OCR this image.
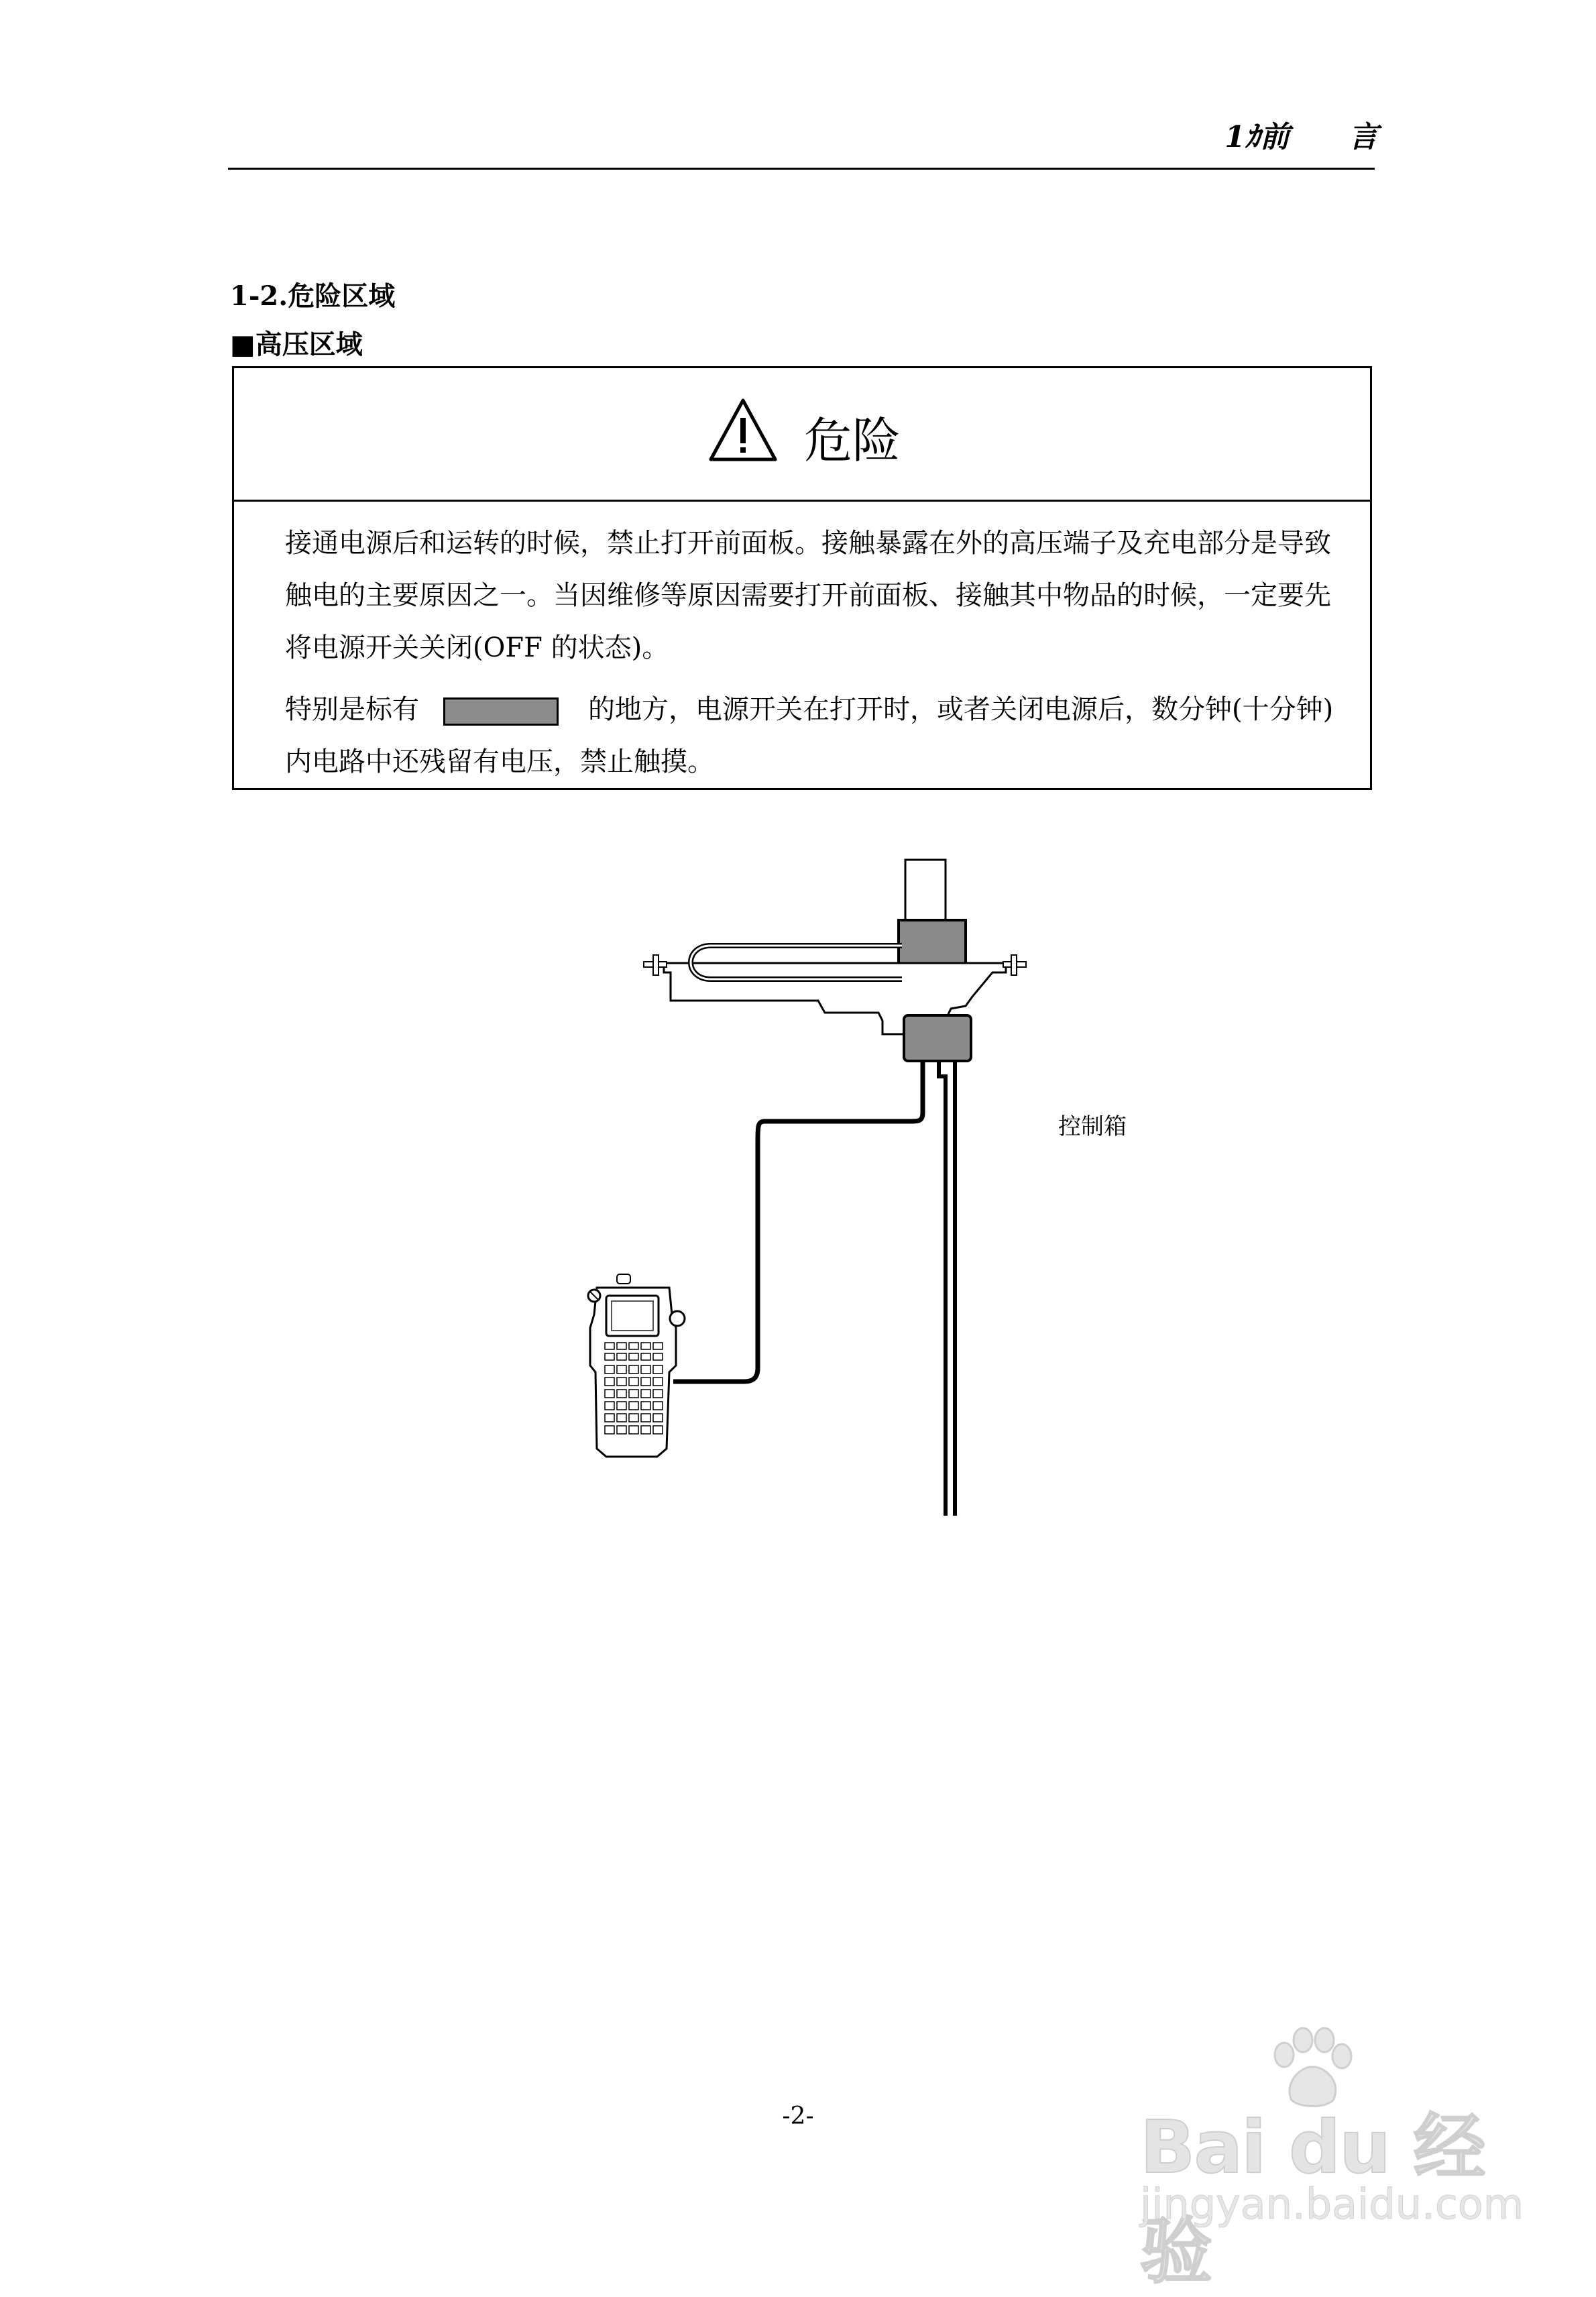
1ｶ前　　言
1-2.危险区域
■高压区域
危险

接通电源后和运转的时候，禁止打开前面板。接触暴露在外的高压端子及充电部分是导致触电的主要原因之一。当因维修等原因需要打开前面板、接触其中物品的时候，一定要先将电源开关关闭(OFF 的状态)。

特别是标有	的地方，电源开关在打开时，或者关闭电源后，数分钟(十分钟)内电路中还残留有电压，禁止触摸。

控制箱
-2-	Bai du 经验
jingyan.baidu.com
